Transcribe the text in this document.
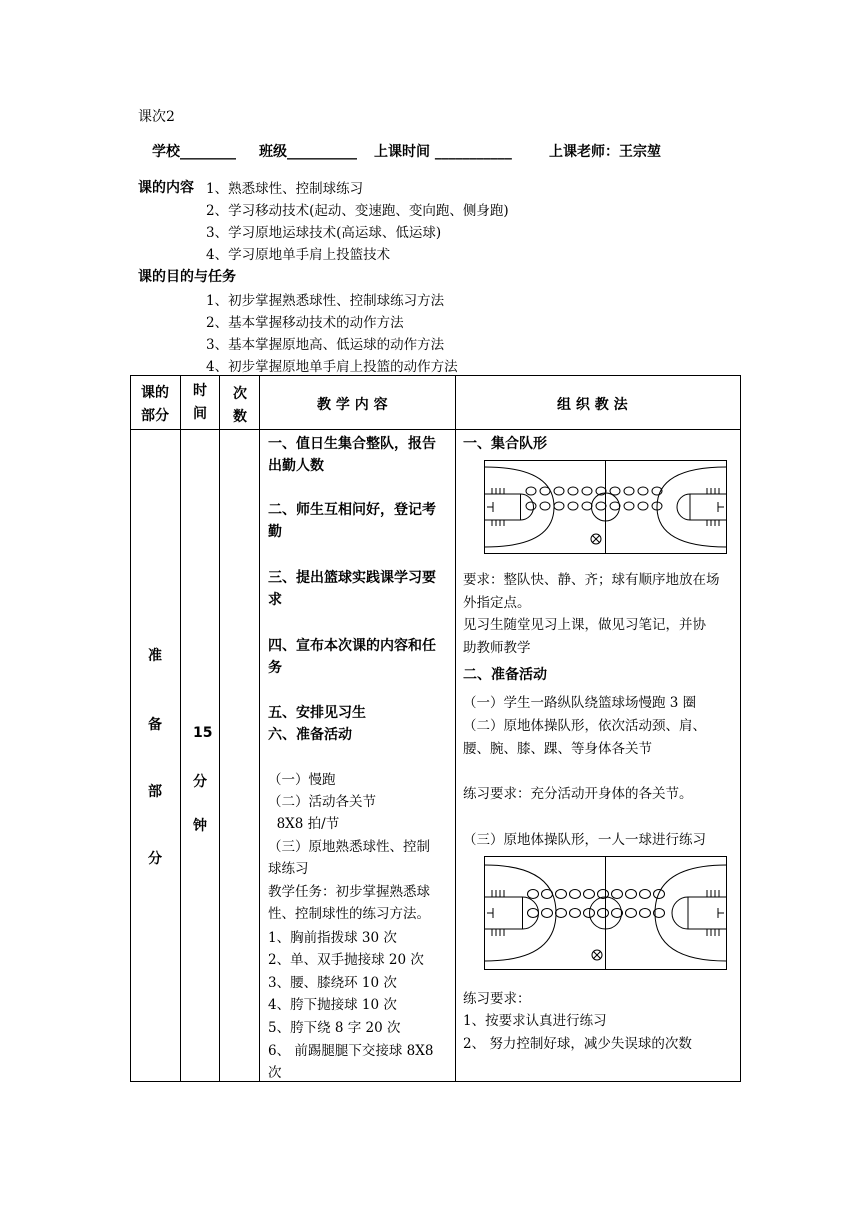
课次2
学校________ 班级__________ 上课时间 ___________	上课老师：王宗堃
课的内容 1、熟悉球性、控制球练习
2、学习移动技术(起动、变速跑、变向跑、侧身跑)
3、学习原地运球技术(高运球、低运球)
4、学习原地单手肩上投篮技术
课的目的与任务
1、初步掌握熟悉球性、控制球练习方法
2、基本掌握移动技术的动作方法
3、基本掌握原地高、低运球的动作方法
4、初步掌握原地单手肩上投篮的动作方法
课的
部分
时
间
次
数
教 学 内 容	组 织 教 法
准
备
部
分
15
分
钟
一、值日生集合整队，报告
出勤人数
二、师生互相问好，登记考
勤
三、提出篮球实践课学习要
求
四、宣布本次课的内容和任
务
五、安排见习生
六、准备活动
（一）慢跑
（二）活动各关节
8X8 拍/节
（三）原地熟悉球性、控制
球练习
教学任务：初步掌握熟悉球
性、控制球性的练习方法。
1、胸前指拨球 30 次
2、单、双手抛接球 20 次
3、腰、膝绕环 10 次
4、胯下抛接球 10 次
5、胯下绕 8 字 20 次
6、 前踢腿腿下交接球 8X8
次
一、集合队形
要求：整队快、静、齐；球有顺序地放在场
外指定点。
见习生随堂见习上课，做见习笔记，并协
助教师教学
二、准备活动
（一）学生一路纵队绕篮球场慢跑 3 圈
（二）原地体操队形，依次活动颈、肩、
腰、腕、膝、踝、等身体各关节
练习要求：充分活动开身体的各关节。
（三）原地体操队形，一人一球进行练习
练习要求：
1、按要求认真进行练习
2、 努力控制好球，减少失误球的次数
